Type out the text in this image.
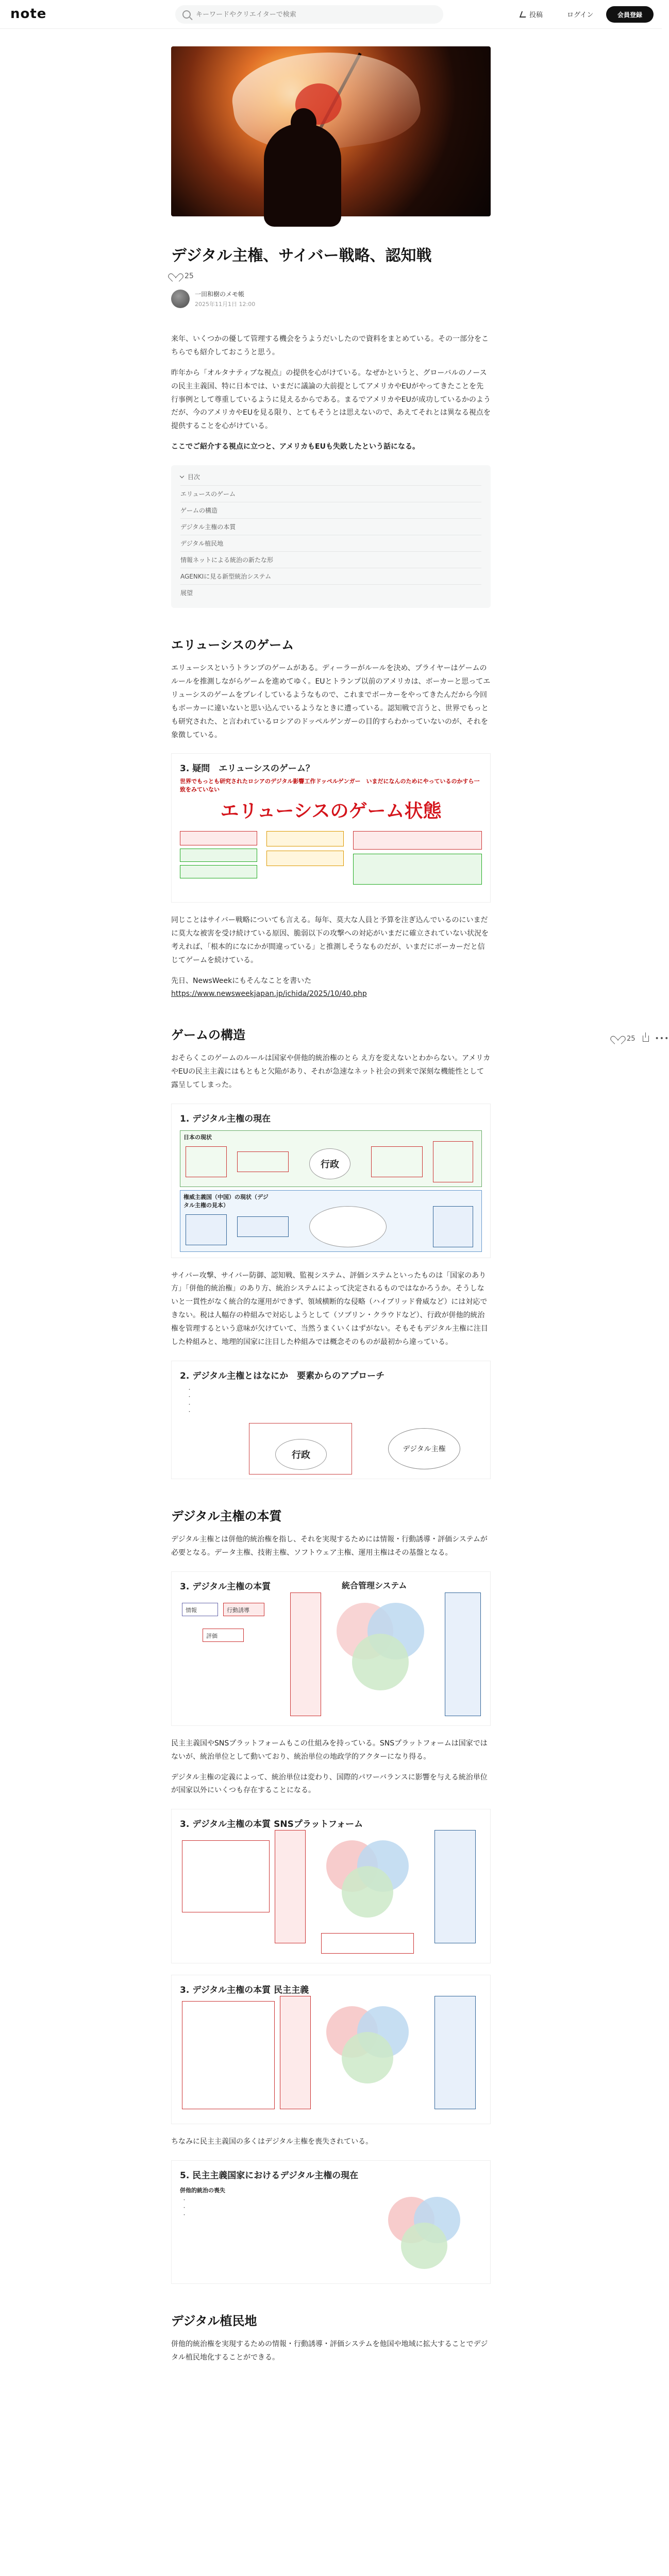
note
キーワードやクリエイターで検索	投稿	ログイン	会員登録
25	•••
デジタル主権、サイバー戦略、認知戦
25
一田和樹のメモ帳
2025年11月1日 12:00

来年、いくつかの優して管理する機会をうようだいしたので資料をまとめている。その一部分をこちらでも紹介しておこうと思う。

昨年から「オルタナティブな視点」の提供を心がけている。なぜかというと、グローバルのノースの民主主義国、特に日本では、いまだに議論の大前提としてアメリカやEUがやってきたことを先行事例として尊重しているように見えるからである。まるでアメリカやEUが成功しているかのようだが、今のアメリカやEUを見る限り、とてもそうとは思えないので、あえてそれとは異なる視点を提供することを心がけている。

ここでご紹介する視点に立つと、アメリカもEUも失敗したという話になる。

目次
エリュースのゲーム
ゲームの構造
デジタル主権の本質
デジタル植民地
情報ネットによる統治の新たな形
AGENKIに見る新型統治システム
展望
エリューシスのゲーム

エリューシスというトランプのゲームがある。ディーラーがルールを決め、プライヤーはゲームのルールを推測しながらゲームを進めてゆく。EUとトランプ以前のアメリカは、ボーカーと思ってエリューシスのゲームをプレイしているようなもので、これまでボーカーをやってきたんだから今回もボーカーに違いないと思い込んでいるようなときに遭っている。認知戦で言うと、世界でもっとも研究された、と言われているロシアのドッペルゲンガーの目的すらわかっていないのが、それを象徴している。

3. 疑問　エリューシスのゲーム？
世界でもっとも研究されたロシアのデジタル影響工作ドッペルゲンガー　いまだになんのためにやっているのかすら一致をみていない
エリューシスのゲーム状態

同じことはサイバー戦略についても言える。毎年、莫大な人員と予算を注ぎ込んでいるのにいまだに莫大な被害を受け続けている原因、脆弱以下の攻撃への対応がいまだに確立されていない状況を考えれば、「根本的になにかが間違っている」と推測しそうなものだが、いまだにボーカーだと信じてゲームを続けている。

先日、NewsWeekにもそんなことを書いた

https://www.newsweekjapan.jp/ichida/2025/10/40.php
ゲームの構造

おそらくこのゲームのルールは国家や併他的統治権のとら え方を変えないとわからない。アメリカやEUの民主主義にはもともと欠陥があり、それが急速なネット社会の到来で深刻な機能性として露呈してしまった。

1. デジタル主権の現在
日本の現状
行政
権威主義国（中国）の現状（デジタル主権の見本）

サイバー攻撃、サイバー防御、認知戦、監視システム、評価システムといったものは「国家のあり方」「併他的統治権」のあり方、統治システムによって決定されるものではなかろうか。そうしないと一貫性がなく統合的な運用ができず、領域横断的な侵略（ハイブリッド脅威など）には対応できない。税は人幅存の枠組みで対応しようとして（ソブリン・クラウドなど）、行政が併他的統治権を管理するという意味が欠けていて、当然うまくいくはずがない。そもそもデジタル主権に注目した枠組みと、地理的国家に注目した枠組みでは概念そのものが最初から違っている。

2. デジタル主権とはなにか　要素からのアプローチ
・
・
・
・
行政
デジタル主権
デジタル主権の本質

デジタル主権とは併他的統治権を指し、それを実現するためには情報・行動誘導・評価システムが必要となる。データ主権、技術主権、ソフトウェア主権、運用主権はその基盤となる。

3. デジタル主権の本質	統合管理システム
情報	行動誘導
評価

民主主義国やSNSプラットフォームもこの仕組みを持っている。SNSプラットフォームは国家ではないが、統治単位として動いており、統治単位の地政学的アクターになり得る。

デジタル主権の定義によって、統治単位は変わり、国際的パワーバランスに影響を与える統治単位が国家以外にいくつも存在することになる。

3. デジタル主権の本質 SNSプラットフォーム
3. デジタル主権の本質 民主主義

ちなみに民主主義国の多くはデジタル主権を喪失されている。

5. 民主主義国家におけるデジタル主権の現在
併他的統治の喪失
・
・
・
デジタル植民地

併他的統治権を実現するための情報・行動誘導・評価システムを他国や地域に拡大することでデジタル植民地化することができる。
